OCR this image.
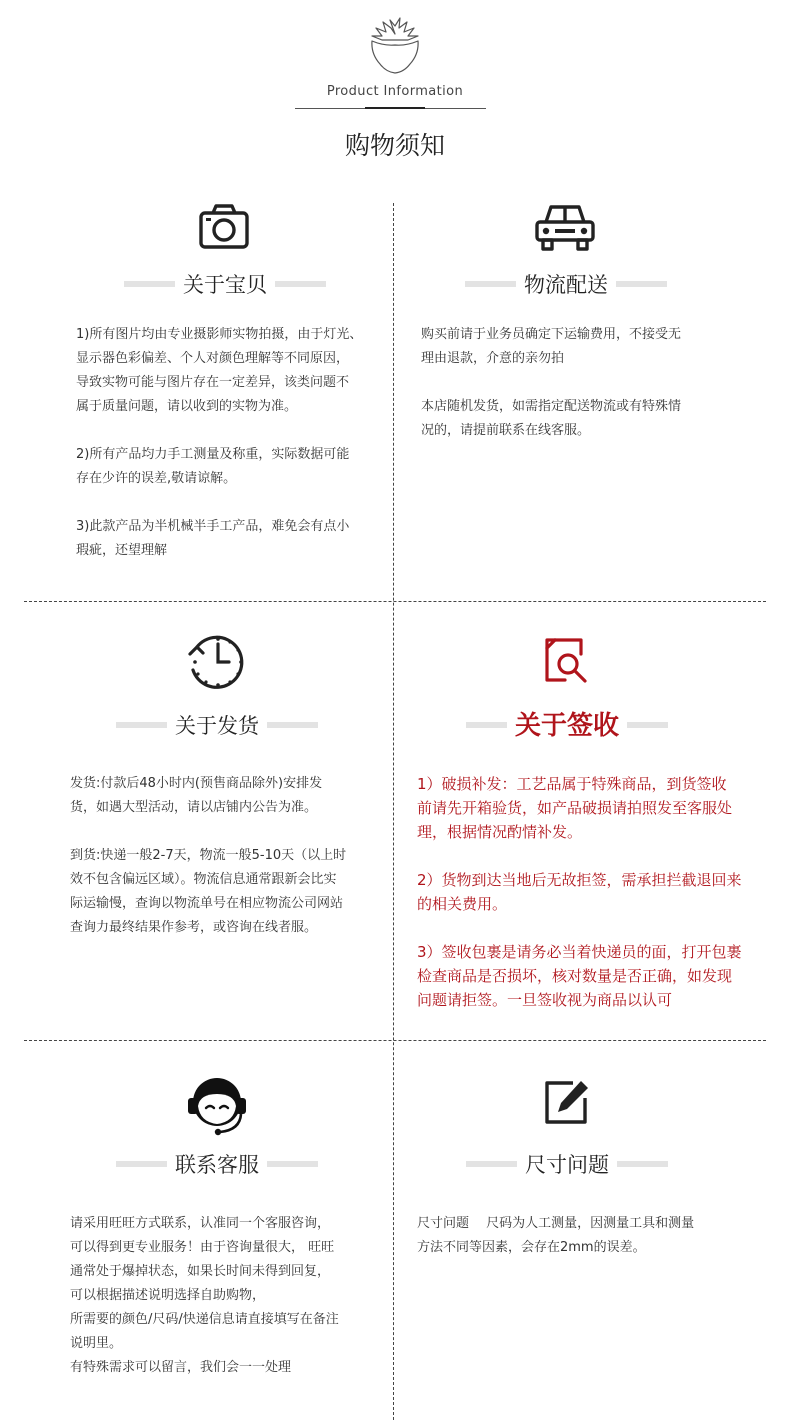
Product Information
购物须知
关于宝贝

1)所有图片均由专业摄影师实物拍摄，由于灯光、
显示器色彩偏差、个人对颜色理解等不同原因，
导致实物可能与图片存在一定差异，该类问题不
属于质量问题，请以收到的实物为准。

2)所有产品均力手工测量及称重，实际数据可能
存在少许的误差,敬请谅解。

3)此款产品为半机械半手工产品，难免会有点小
瑕疵，还望理解

物流配送

购买前请于业务员确定下运输费用，不接受无
理由退款，介意的亲勿拍

本店随机发货，如需指定配送物流或有特殊情
况的，请提前联系在线客服。

关于发货

发货:付款后48小时内(预售商品除外)安排发
货，如遇大型活动，请以店铺内公告为准。

到货:快递一般2-7天，物流一般5-10天（以上时
效不包含偏远区域）。物流信息通常跟新会比实
际运输慢，查询以物流单号在相应物流公司网站
查询力最终结果作参考，或咨询在线者服。

关于签收

1）破损补发：工艺品属于特殊商品，到货签收
前请先开箱验货，如产品破损请拍照发至客服处
理，根据情况酌情补发。

2）货物到达当地后无故拒签，需承担拦截退回来
的相关费用。

3）签收包裹是请务必当着快递员的面，打开包裹
检查商品是否损坏，核对数量是否正确，如发现
问题请拒签。一旦签收视为商品以认可

联系客服

请采用旺旺方式联系，认准同一个客服咨询，
可以得到更专业服务！由于咨询量很大， 旺旺
通常处于爆掉状态，如果长时间未得到回复，
可以根据描述说明选择自助购物，
所需要的颜色/尺码/快递信息请直接填写在备注
说明里。
有特殊需求可以留言，我们会一一处理

尺寸问题

尺寸问题　 尺码为人工测量，因测量工具和测量
方法不同等因素，会存在2mm的误差。
